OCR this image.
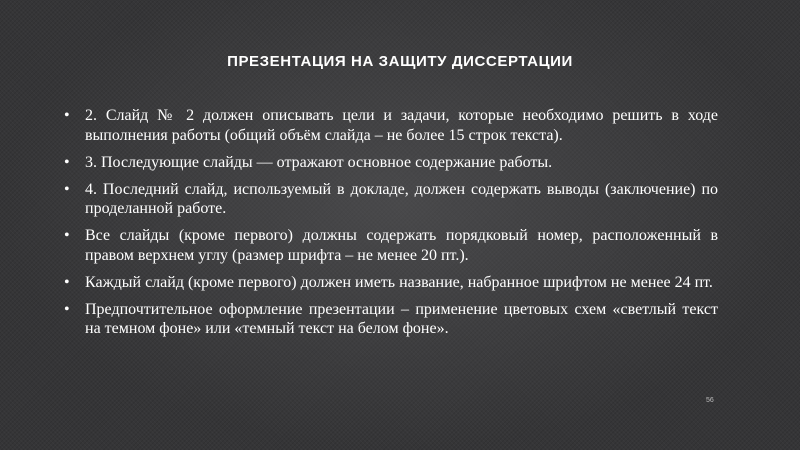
ПРЕЗЕНТАЦИЯ НА ЗАЩИТУ ДИССЕРТАЦИИ
• 2. Слайд № 2 должен описывать цели и задачи, которые необходимо решить в ходе выполнения работы (общий объём слайда – не более 15 строк текста).
• 3. Последующие слайды — отражают основное содержание работы.
• 4. Последний слайд, используемый в докладе, должен содержать выводы (заключение) по проделанной работе.
• Все слайды (кроме первого) должны содержать порядковый номер, расположенный в правом верхнем углу (размер шрифта – не менее 20 пт.).
• Каждый слайд (кроме первого) должен иметь название, набранное шрифтом не менее 24 пт.
• Предпочтительное оформление презентации – применение цветовых схем «светлый текст на темном фоне» или «темный текст на белом фоне».
56
